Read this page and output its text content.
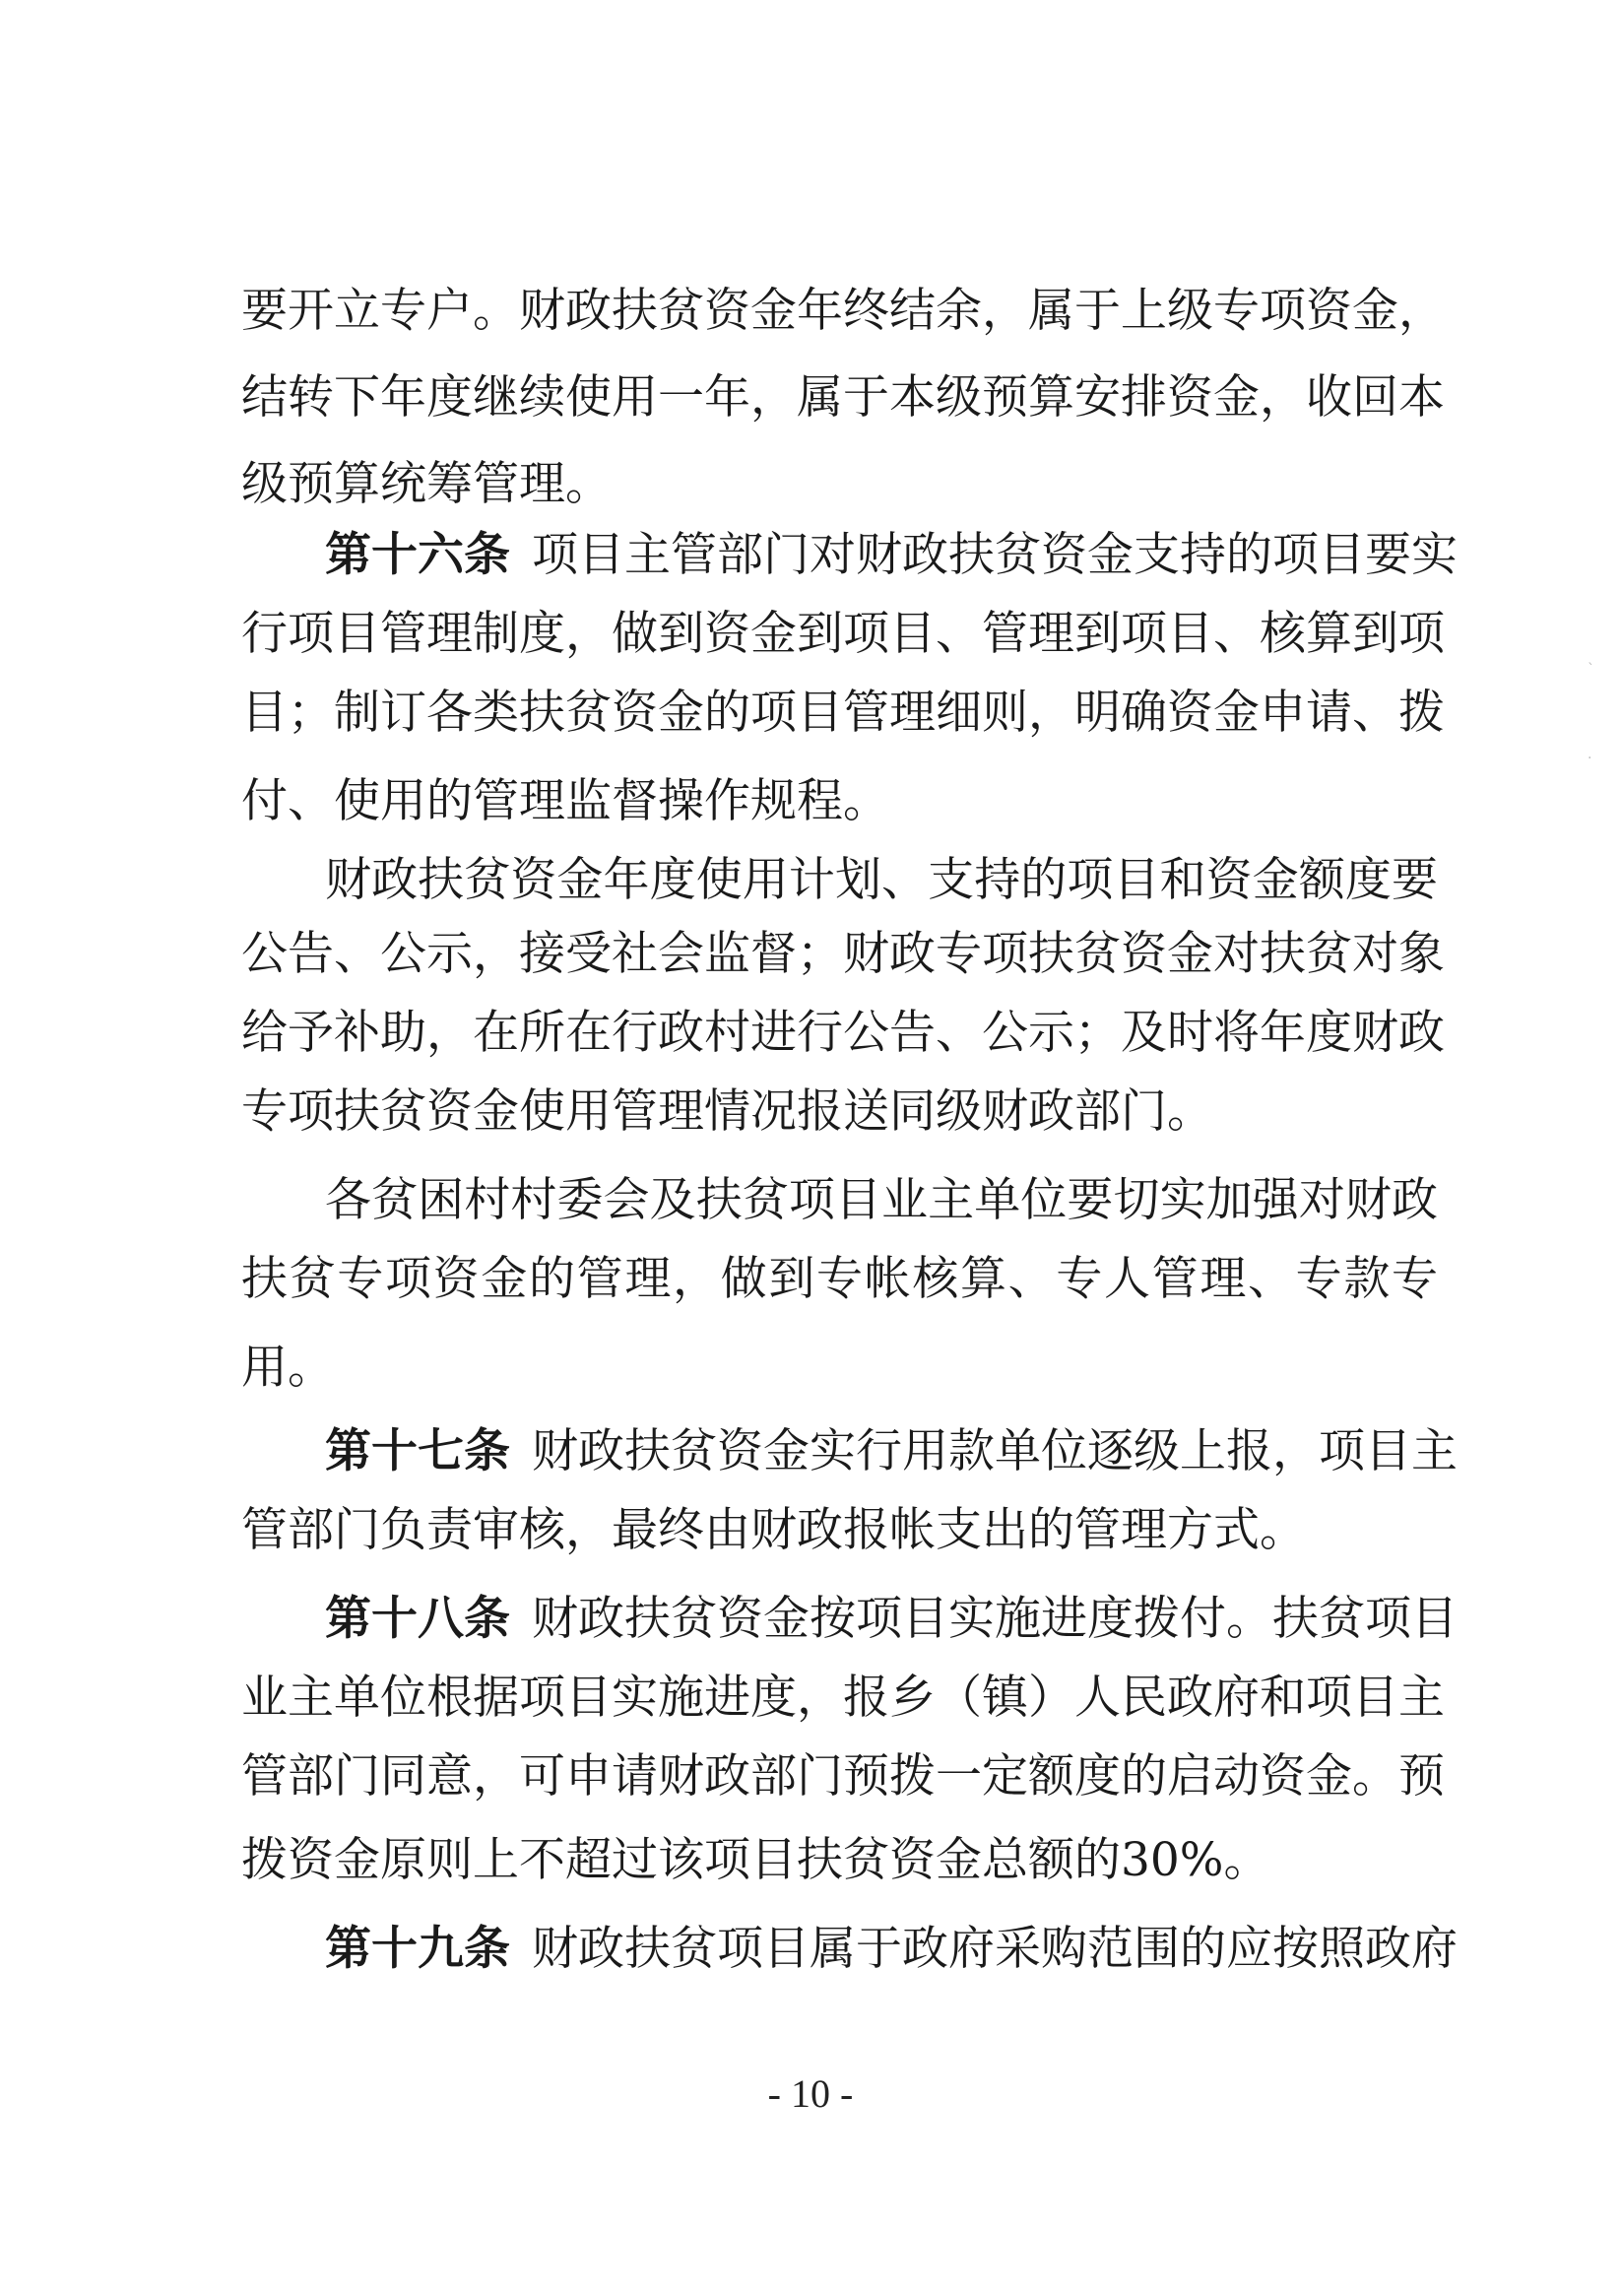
要开立专户。财政扶贫资金年终结余，属于上级专项资金，
结转下年度继续使用一年，属于本级预算安排资金，收回本
级预算统筹管理。
第十六条 项目主管部门对财政扶贫资金支持的项目要实
行项目管理制度，做到资金到项目、管理到项目、核算到项
目；制订各类扶贫资金的项目管理细则，明确资金申请、拨
付、使用的管理监督操作规程。
财政扶贫资金年度使用计划、支持的项目和资金额度要
公告、公示，接受社会监督；财政专项扶贫资金对扶贫对象
给予补助，在所在行政村进行公告、公示；及时将年度财政
专项扶贫资金使用管理情况报送同级财政部门。
各贫困村村委会及扶贫项目业主单位要切实加强对财政
扶贫专项资金的管理，做到专帐核算、专人管理、专款专
用。
第十七条 财政扶贫资金实行用款单位逐级上报，项目主
管部门负责审核，最终由财政报帐支出的管理方式。
第十八条 财政扶贫资金按项目实施进度拨付。扶贫项目
业主单位根据项目实施进度，报乡（镇）人民政府和项目主
管部门同意，可申请财政部门预拨一定额度的启动资金。预
拨资金原则上不超过该项目扶贫资金总额的30%。
第十九条 财政扶贫项目属于政府采购范围的应按照政府
- 10 -
`
·
